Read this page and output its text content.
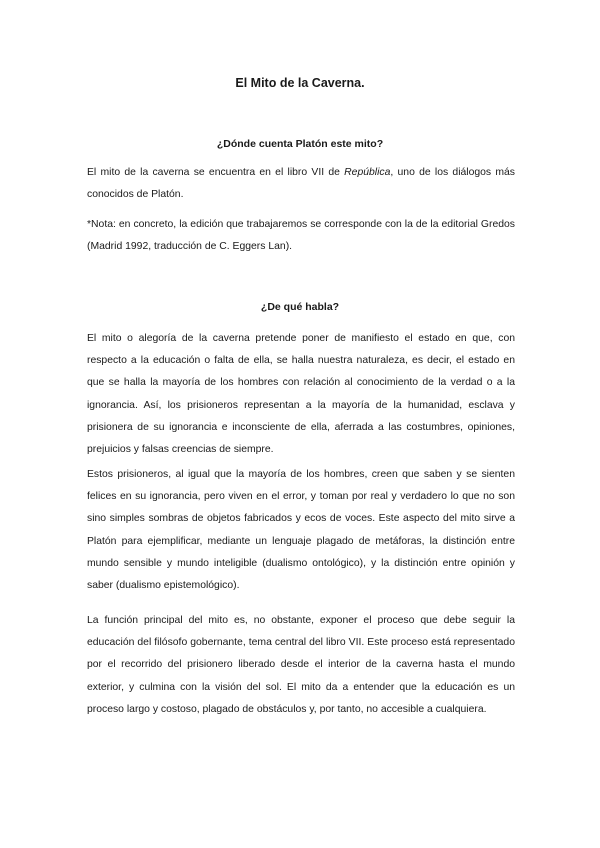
El Mito de la Caverna.
¿Dónde cuenta Platón este mito?

El mito de la caverna se encuentra en el libro VII de República, uno de los diálogos más conocidos de Platón.

*Nota: en concreto, la edición que trabajaremos se corresponde con la de la editorial Gredos (Madrid 1992, traducción de C. Eggers Lan).

¿De qué habla?

El mito o alegoría de la caverna pretende poner de manifiesto el estado en que, con respecto a la educación o falta de ella, se halla nuestra naturaleza, es decir, el estado en que se halla la mayoría de los hombres con relación al conocimiento de la verdad o a la ignorancia. Así, los prisioneros representan a la mayoría de la humanidad, esclava y prisionera de su ignorancia e inconsciente de ella, aferrada a las costumbres, opiniones, prejuicios y falsas creencias de siempre.

Estos prisioneros, al igual que la mayoría de los hombres, creen que saben y se sienten felices en su ignorancia, pero viven en el error, y toman por real y verdadero lo que no son sino simples sombras de objetos fabricados y ecos de voces. Este aspecto del mito sirve a Platón para ejemplificar, mediante un lenguaje plagado de metáforas, la distinción entre mundo sensible y mundo inteligible (dualismo ontológico), y la distinción entre opinión y saber (dualismo epistemológico).

La función principal del mito es, no obstante, exponer el proceso que debe seguir la educación del filósofo gobernante, tema central del libro VII. Este proceso está representado por el recorrido del prisionero liberado desde el interior de la caverna hasta el mundo exterior, y culmina con la visión del sol. El mito da a entender que la educación es un proceso largo y costoso, plagado de obstáculos y, por tanto, no accesible a cualquiera.
